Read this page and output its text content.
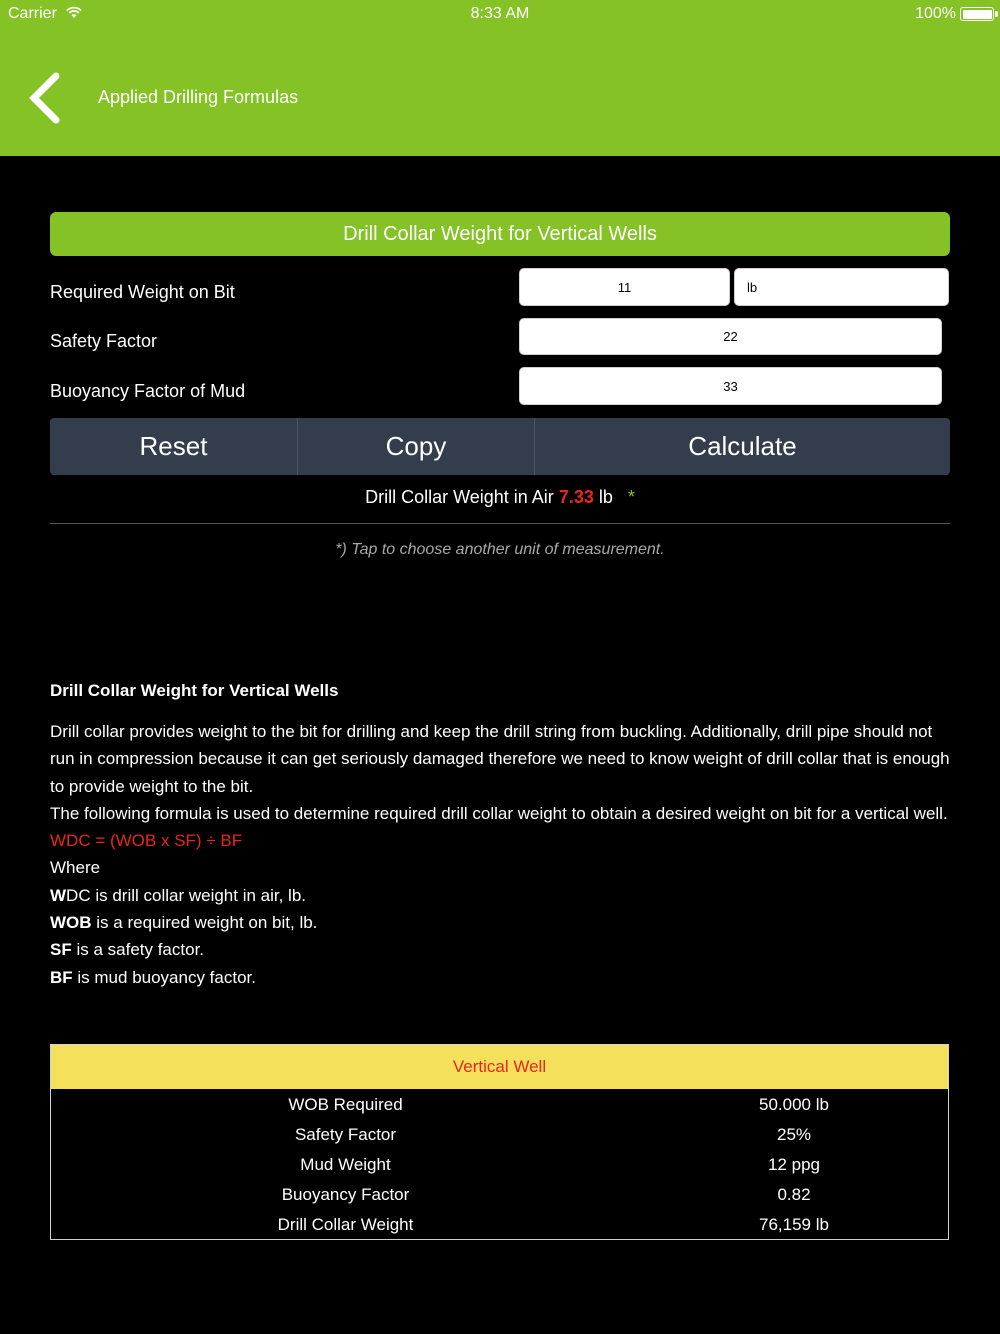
Carrier	8:33 AM	100%
Applied Drilling Formulas
Drill Collar Weight for Vertical Wells
Required Weight on Bit	11	lb
Safety Factor	22
Buoyancy Factor of Mud	33
Reset	Copy	Calculate
Drill Collar Weight in Air 7.33 lb *
*) Tap to choose another unit of measurement.
Drill Collar Weight for Vertical Wells
Drill collar provides weight to the bit for drilling and keep the drill string from buckling. Additionally, drill pipe should not run in compression because it can get seriously damaged therefore we need to know weight of drill collar that is enough to provide weight to the bit.
The following formula is used to determine required drill collar weight to obtain a desired weight on bit for a vertical well.
WDC = (WOB x SF) ÷ BF
Where
WDC is drill collar weight in air, lb.
WOB is a required weight on bit, lb.
SF is a safety factor.
BF is mud buoyancy factor.
Vertical Well
WOB Required	50.000 lb
Safety Factor	25%
Mud Weight	12 ppg
Buoyancy Factor	0.82
Drill Collar Weight	76,159 lb
